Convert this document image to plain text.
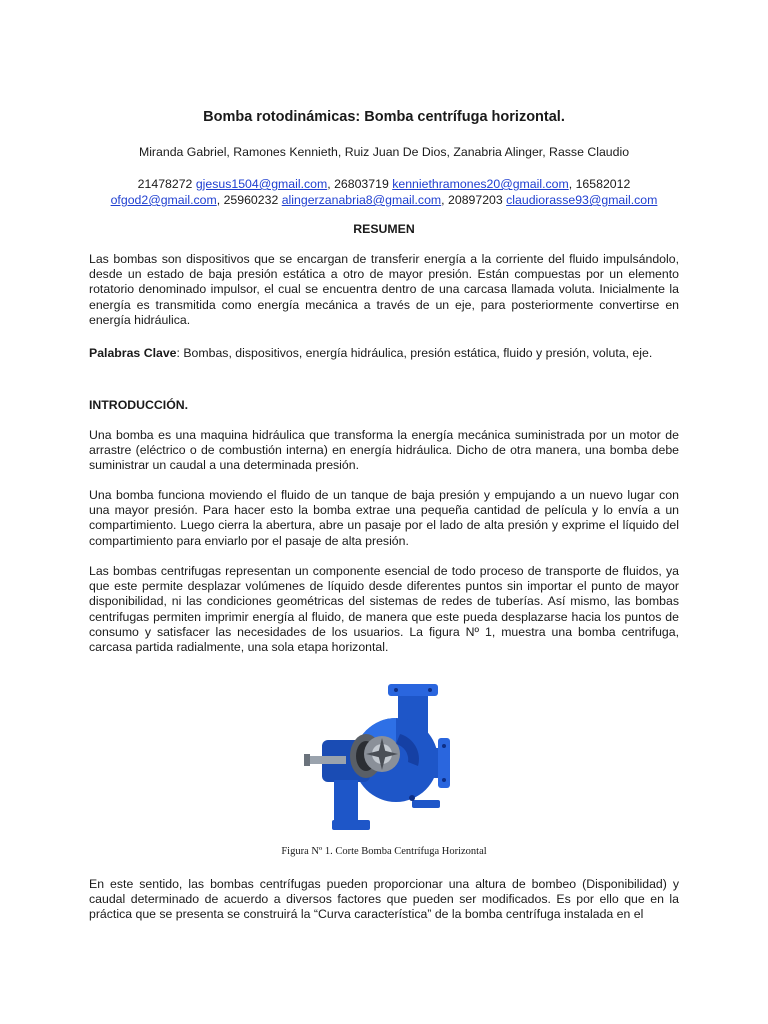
Bomba rotodinámicas: Bomba centrífuga horizontal.
Miranda Gabriel, Ramones Kennieth, Ruiz Juan De Dios, Zanabria Alinger, Rasse Claudio
21478272 gjesus1504@gmail.com, 26803719 kenniethramones20@gmail.com, 16582012
ofgod2@gmail.com, 25960232 alingerzanabria8@gmail.com, 20897203 claudiorasse93@gmail.com
RESUMEN

Las bombas son dispositivos que se encargan de transferir energía a la corriente del fluido impulsándolo, desde un estado de baja presión estática a otro de mayor presión. Están compuestas por un elemento rotatorio denominado impulsor, el cual se encuentra dentro de una carcasa llamada voluta. Inicialmente la energía es transmitida como energía mecánica a través de un eje, para posteriormente convertirse en energía hidráulica.

Palabras Clave: Bombas, dispositivos, energía hidráulica, presión estática, fluido y presión, voluta, eje.

INTRODUCCIÓN.

Una bomba es una maquina hidráulica que transforma la energía mecánica suministrada por un motor de arrastre (eléctrico o de combustión interna) en energía hidráulica. Dicho de otra manera, una bomba debe suministrar un caudal a una determinada presión.

Una bomba funciona moviendo el fluido de un tanque de baja presión y empujando a un nuevo lugar con una mayor presión. Para hacer esto la bomba extrae una pequeña cantidad de película y lo envía a un compartimiento. Luego cierra la abertura, abre un pasaje por el lado de alta presión y exprime el líquido del compartimiento para enviarlo por el pasaje de alta presión.

Las bombas centrifugas representan un componente esencial de todo proceso de transporte de fluidos, ya que este permite desplazar volúmenes de líquido desde diferentes puntos sin importar el punto de mayor disponibilidad, ni las condiciones geométricas del sistemas de redes de tuberías. Así mismo, las bombas centrifugas permiten imprimir energía al fluido, de manera que este pueda desplazarse hacia los puntos de consumo y satisfacer las necesidades de los usuarios. La figura Nº 1, muestra una bomba centrifuga, carcasa partida radialmente, una sola etapa horizontal.

Figura Nº 1. Corte Bomba Centrífuga Horizontal

En este sentido, las bombas centrífugas pueden proporcionar una altura de bombeo (Disponibilidad) y caudal determinado de acuerdo a diversos factores que pueden ser modificados. Es por ello que en la práctica que se presenta se construirá la “Curva característica” de la bomba centrífuga instalada en el
